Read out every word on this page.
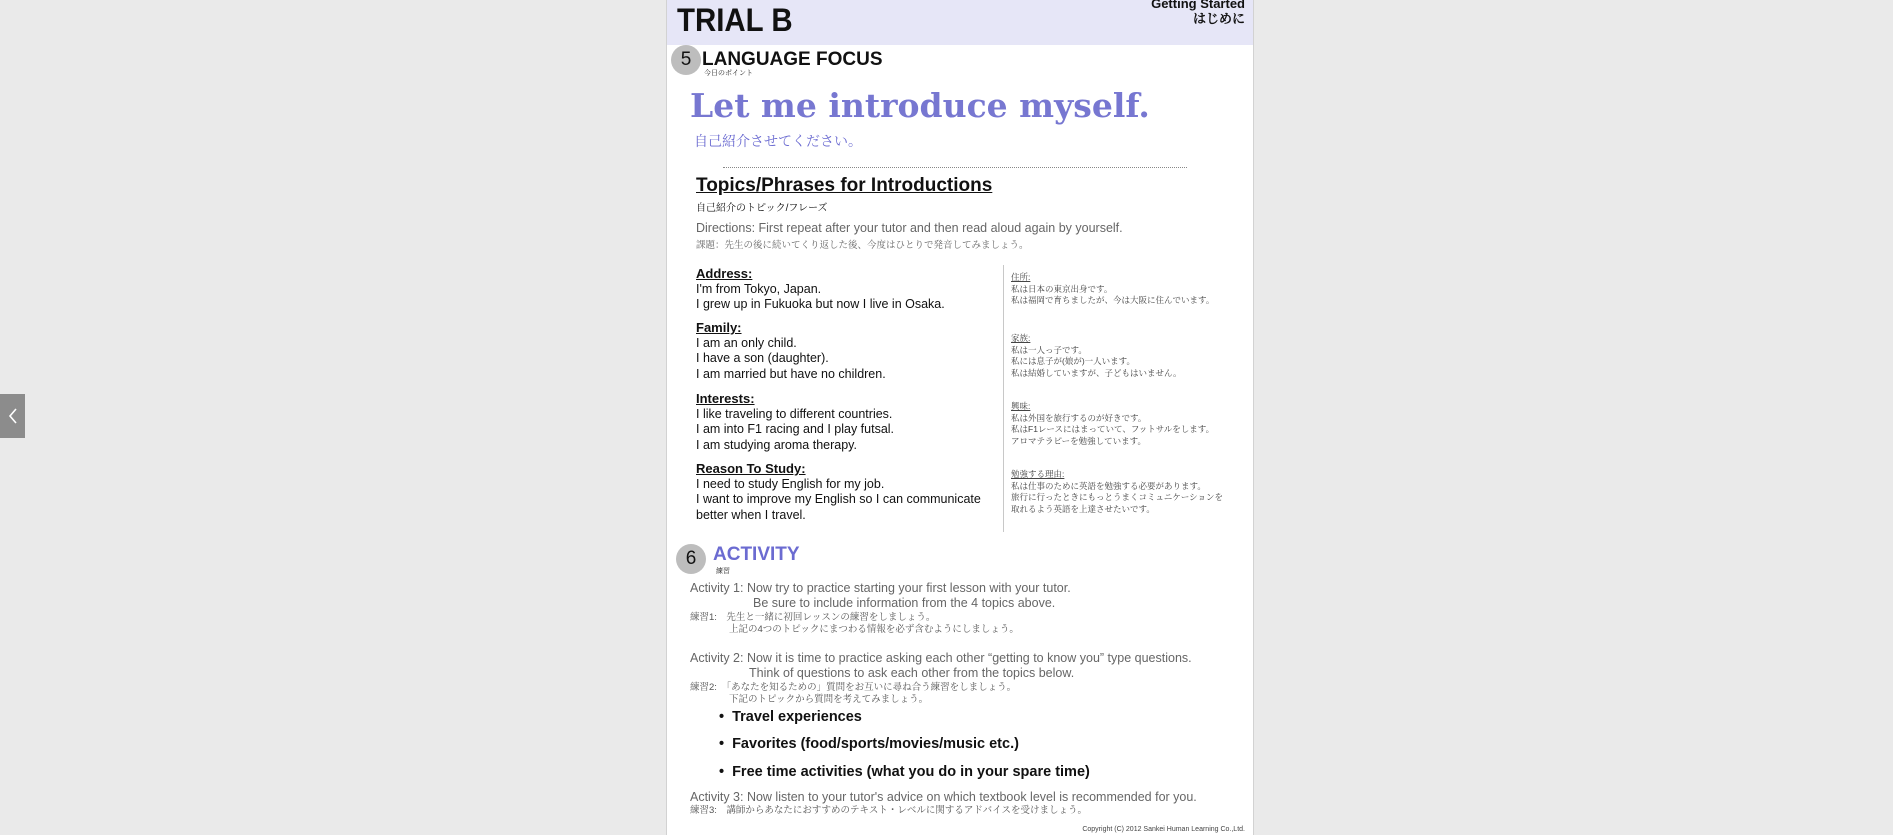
TRIAL B	Getting Started
はじめに
5 LANGUAGE FOCUS
今日のポイント
Let me introduce myself.
自己紹介させてください。
Topics/Phrases for Introductions
自己紹介のトピック/フレーズ
Directions: First repeat after your tutor and then read aloud again by yourself.
課題：先生の後に続いてくり返した後、今度はひとりで発音してみましょう。
Address:
I'm from Tokyo, Japan.
I grew up in Fukuoka but now I live in Osaka.
Family:
I am an only child.
I have a son (daughter).
I am married but have no children.
Interests:
I like traveling to different countries.
I am into F1 racing and I play futsal.
I am studying aroma therapy.
Reason To Study:
I need to study English for my job.
I want to improve my English so I can communicate
better when I travel.
住所:
私は日本の東京出身です。
私は福岡で育ちましたが、今は大阪に住んでいます。
家族:
私は一人っ子です。
私には息子が(娘が)一人います。
私は結婚していますが、子どもはいません。
興味:
私は外国を旅行するのが好きです。
私はF1レースにはまっていて、フットサルをします。
アロマテラピーを勉強しています。
勉強する理由:
私は仕事のために英語を勉強する必要があります。
旅行に行ったときにもっとうまくコミュニケーションを
取れるよう英語を上達させたいです。
6 ACTIVITY
練習
Activity 1: Now try to practice starting your first lesson with your tutor.
Be sure to include information from the 4 topics above.
練習1:　先生と一緒に初回レッスンの練習をしましょう。
上記の4つのトピックにまつわる情報を必ず含むようにしましょう。
Activity 2: Now it is time to practice asking each other “getting to know you” type questions.
Think of questions to ask each other from the topics below.
練習2:　「あなたを知るための」質問をお互いに尋ね合う練習をしましょう。
下記のトピックから質問を考えてみましょう。
• Travel experiences
• Favorites (food/sports/movies/music etc.)
• Free time activities (what you do in your spare time)
Activity 3: Now listen to your tutor's advice on which textbook level is recommended for you.
練習3:　講師からあなたにおすすめのテキスト・レベルに関するアドバイスを受けましょう。
Copyright (C) 2012 Sankei Human Learning Co.,Ltd.
